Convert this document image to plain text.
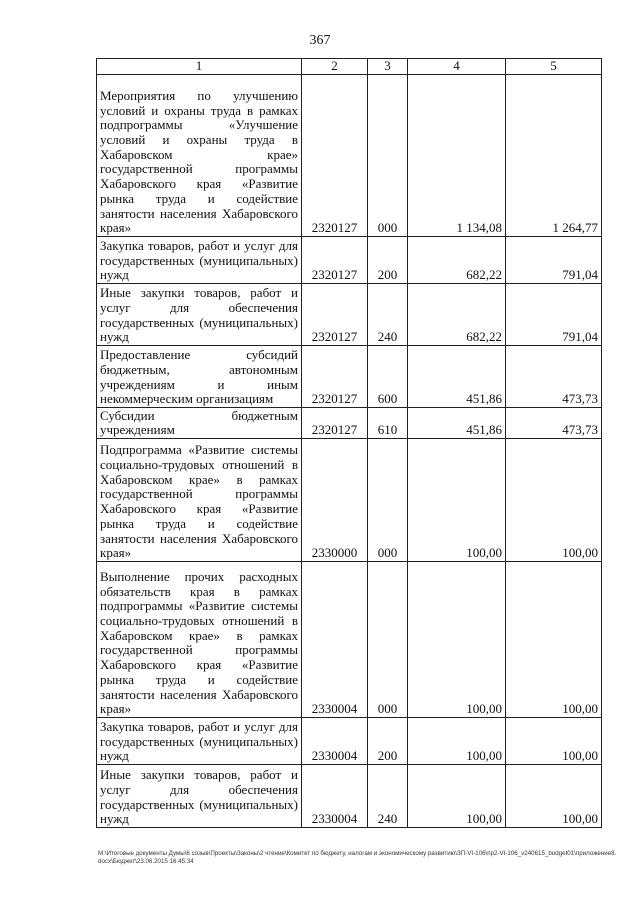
367
1	2	3	4	5
Мероприятия по улучшению условий и охраны труда в рамках подпрограммы «Улучшение условий и охраны труда в Хабаровском крае» государственной программы Хабаровского края «Развитие рынка труда и содействие занятости населения Хабаровского края»	2320127	000	1 134,08	1 264,77
Закупка товаров, работ и услуг для государственных (муниципальных) нужд	2320127	200	682,22	791,04
Иные закупки товаров, работ и услуг для обеспечения государственных (муниципальных) нужд	2320127	240	682,22	791,04
Предоставление субсидий бюджетным, автономным учреждениям и иным некоммерческим организациям	2320127	600	451,86	473,73
Субсидии бюджетным учреждениям	2320127	610	451,86	473,73
Подпрограмма «Развитие системы социально-трудовых отношений в Хабаровском крае» в рамках государственной программы Хабаровского края «Развитие рынка труда и содействие занятости населения Хабаровского края»	2330000	000	100,00	100,00
Выполнение прочих расходных обязательств края в рамках подпрограммы «Развитие системы социально-трудовых отношений в Хабаровском крае» в рамках государственной программы Хабаровского края «Развитие рынка труда и содействие занятости населения Хабаровского края»	2330004	000	100,00	100,00
Закупка товаров, работ и услуг для государственных (муниципальных) нужд	2330004	200	100,00	100,00
Иные закупки товаров, работ и услуг для обеспечения государственных (муниципальных) нужд	2330004	240	100,00	100,00
M:\Итоговые документы Думы\6 созыв\Проекты\Законы\2 чтение\Комитет по бюджету, налогам и экономическому развитию\ЗП-VI-106\пр2-VI-106_v240615_budget01\приложение8.docx\Бюджет\23.06.2015 16:45:34
